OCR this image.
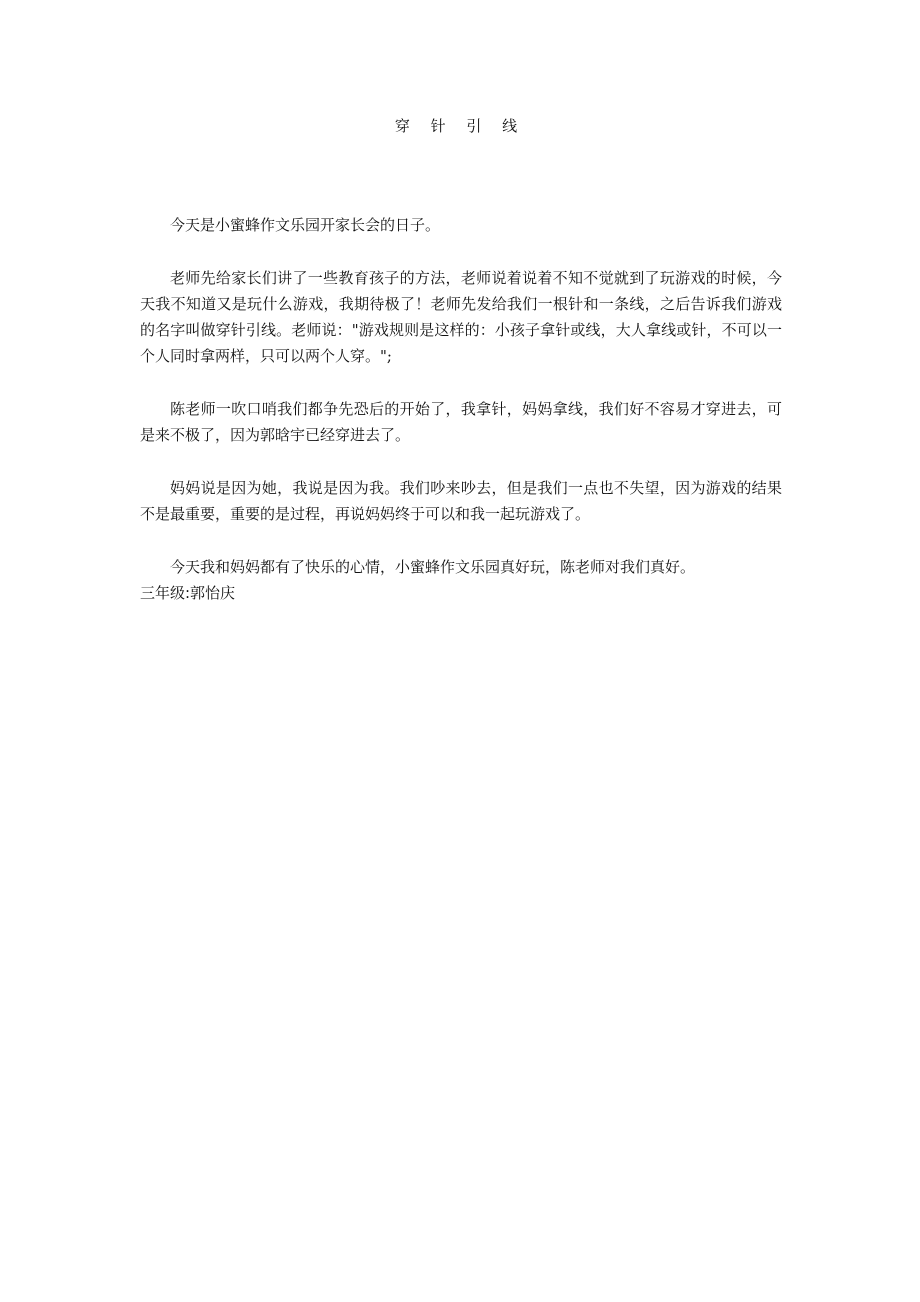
穿 针 引 线

今天是小蜜蜂作文乐园开家长会的日子。

老师先给家长们讲了一些教育孩子的方法，老师说着说着不知不觉就到了玩游戏的时候，今天我不知道又是玩什么游戏，我期待极了！老师先发给我们一根针和一条线，之后告诉我们游戏的名字叫做穿针引线。老师说："游戏规则是这样的：小孩子拿针或线，大人拿线或针，不可以一个人同时拿两样，只可以两个人穿。";

陈老师一吹口哨我们都争先恐后的开始了，我拿针，妈妈拿线，我们好不容易才穿进去，可是来不极了，因为郭晗宇已经穿进去了。

妈妈说是因为她，我说是因为我。我们吵来吵去，但是我们一点也不失望，因为游戏的结果不是最重要，重要的是过程，再说妈妈终于可以和我一起玩游戏了。

今天我和妈妈都有了快乐的心情，小蜜蜂作文乐园真好玩，陈老师对我们真好。

三年级:郭怡庆
